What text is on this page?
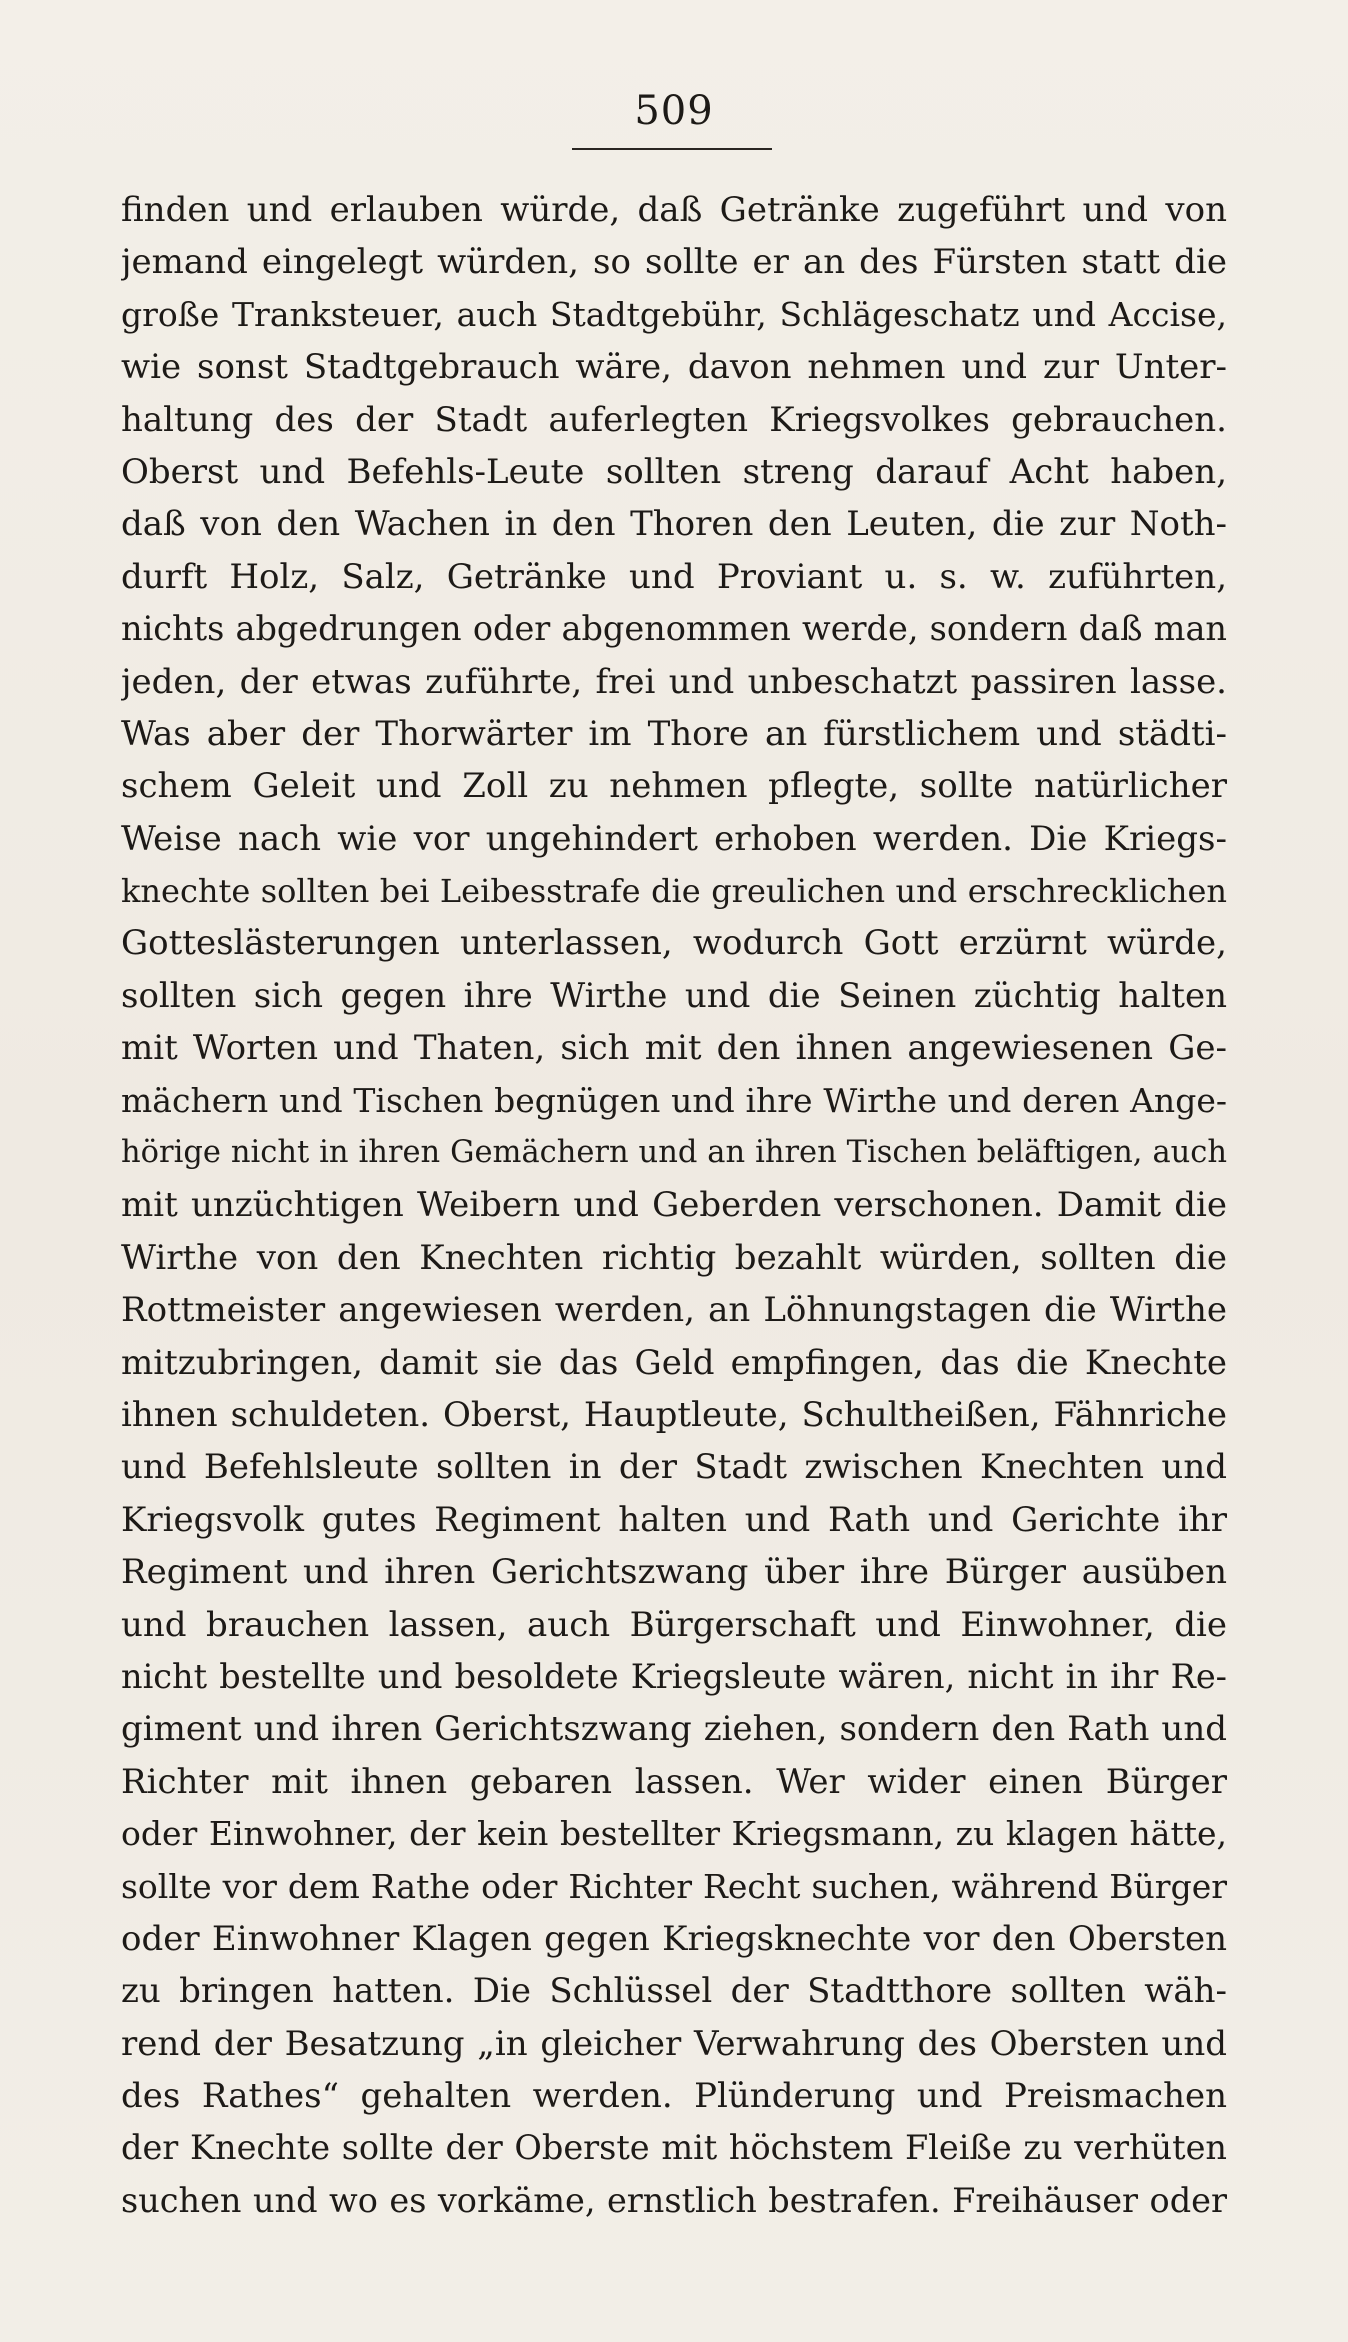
509
finden und erlauben würde, daß Getränke zugeführt und von
jemand eingelegt würden, so sollte er an des Fürsten statt die
große Tranksteuer, auch Stadtgebühr, Schlägeschatz und Accise,
wie sonst Stadtgebrauch wäre, davon nehmen und zur Unter-
haltung des der Stadt auferlegten Kriegsvolkes gebrauchen.
Oberst und Befehls-Leute sollten streng darauf Acht haben,
daß von den Wachen in den Thoren den Leuten, die zur Noth-
durft Holz, Salz, Getränke und Proviant u. s. w. zuführten,
nichts abgedrungen oder abgenommen werde, sondern daß man
jeden, der etwas zuführte, frei und unbeschatzt passiren lasse.
Was aber der Thorwärter im Thore an fürstlichem und städti-
schem Geleit und Zoll zu nehmen pflegte, sollte natürlicher
Weise nach wie vor ungehindert erhoben werden. Die Kriegs-
knechte sollten bei Leibesstrafe die greulichen und erschrecklichen
Gotteslästerungen unterlassen, wodurch Gott erzürnt würde,
sollten sich gegen ihre Wirthe und die Seinen züchtig halten
mit Worten und Thaten, sich mit den ihnen angewiesenen Ge-
mächern und Tischen begnügen und ihre Wirthe und deren Ange-
hörige nicht in ihren Gemächern und an ihren Tischen beläftigen, auch
mit unzüchtigen Weibern und Geberden verschonen. Damit die
Wirthe von den Knechten richtig bezahlt würden, sollten die
Rottmeister angewiesen werden, an Löhnungstagen die Wirthe
mitzubringen, damit sie das Geld empfingen, das die Knechte
ihnen schuldeten. Oberst, Hauptleute, Schultheißen, Fähnriche
und Befehlsleute sollten in der Stadt zwischen Knechten und
Kriegsvolk gutes Regiment halten und Rath und Gerichte ihr
Regiment und ihren Gerichtszwang über ihre Bürger ausüben
und brauchen lassen, auch Bürgerschaft und Einwohner, die
nicht bestellte und besoldete Kriegsleute wären, nicht in ihr Re-
giment und ihren Gerichtszwang ziehen, sondern den Rath und
Richter mit ihnen gebaren lassen. Wer wider einen Bürger
oder Einwohner, der kein bestellter Kriegsmann, zu klagen hätte,
sollte vor dem Rathe oder Richter Recht suchen, während Bürger
oder Einwohner Klagen gegen Kriegsknechte vor den Obersten
zu bringen hatten. Die Schlüssel der Stadtthore sollten wäh-
rend der Besatzung „in gleicher Verwahrung des Obersten und
des Rathes“ gehalten werden. Plünderung und Preismachen
der Knechte sollte der Oberste mit höchstem Fleiße zu verhüten
suchen und wo es vorkäme, ernstlich bestrafen. Freihäuser oder
